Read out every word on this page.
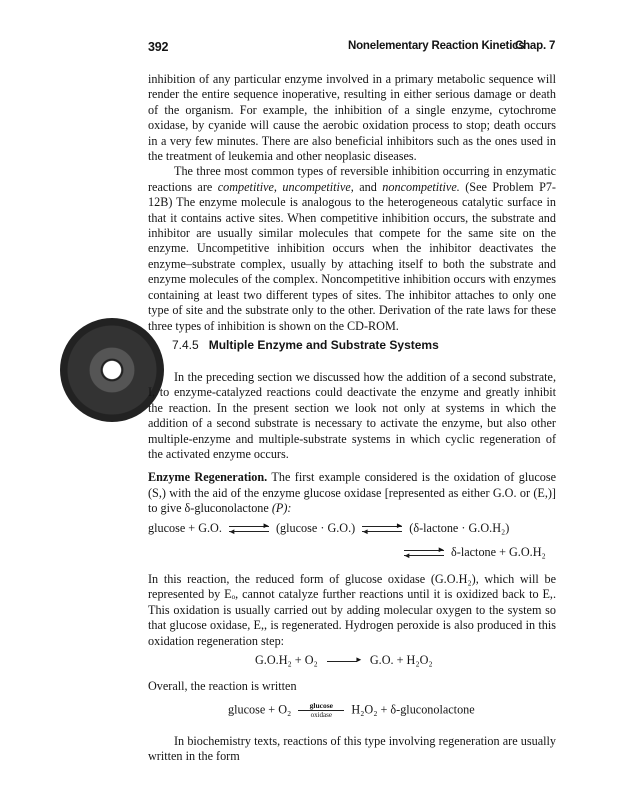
392	Nonelementary Reaction Kinetics
Chap. 7

inhibition of any particular enzyme involved in a primary metabolic sequence will render the entire sequence inoperative, resulting in either serious damage or death of the organism. For example, the inhibition of a single enzyme, cytochrome oxidase, by cyanide will cause the aerobic oxidation process to stop; death occurs in a very few minutes. There are also beneficial inhibitors such as the ones used in the treatment of leukemia and other neoplasic diseases.

The three most common types of reversible inhibition occurring in enzymatic reactions are competitive, uncompetitive, and noncompetitive. (See Problem P7-12B) The enzyme molecule is analogous to the heterogeneous catalytic surface in that it contains active sites. When competitive inhibition occurs, the substrate and inhibitor are usually similar molecules that compete for the same site on the enzyme. Uncompetitive inhibition occurs when the inhibitor deactivates the enzyme–substrate complex, usually by attaching itself to both the substrate and enzyme molecules of the complex. Noncompetitive inhibition occurs with enzymes containing at least two different types of sites. The inhibitor attaches to only one type of site and the substrate only to the other. Derivation of the rate laws for these three types of inhibition is shown on the CD-ROM.

7.4.5 Multiple Enzyme and Substrate Systems

In the preceding section we discussed how the addition of a second substrate, I, to enzyme-catalyzed reactions could deactivate the enzyme and greatly inhibit the reaction. In the present section we look not only at systems in which the addition of a second substrate is necessary to activate the enzyme, but also other multiple-enzyme and multiple-substrate systems in which cyclic regeneration of the activated enzyme occurs.

Enzyme Regeneration. The first example considered is the oxidation of glucose (S,) with the aid of the enzyme glucose oxidase [represented as either G.O. or (E,)] to give δ-gluconolactone (P):

glucose + G.O.	►
◄	(glucose · G.O.)	►
◄	(δ-lactone · G.O.H₂)
►
◄	δ-lactone + G.O.H₂

In this reaction, the reduced form of glucose oxidase (G.O.H₂), which will be represented by Eₒ, cannot catalyze further reactions until it is oxidized back to E,. This oxidation is usually carried out by adding molecular oxygen to the system so that glucose oxidase, E,, is regenerated. Hydrogen peroxide is also produced in this oxidation regeneration step:

G.O.H₂ + O₂ ►	G.O. + H₂O₂

Overall, the reaction is written

glucose + O₂	glucose
oxidase	H₂O₂ + δ-gluconolactone

In biochemistry texts, reactions of this type involving regeneration are usually written in the form
